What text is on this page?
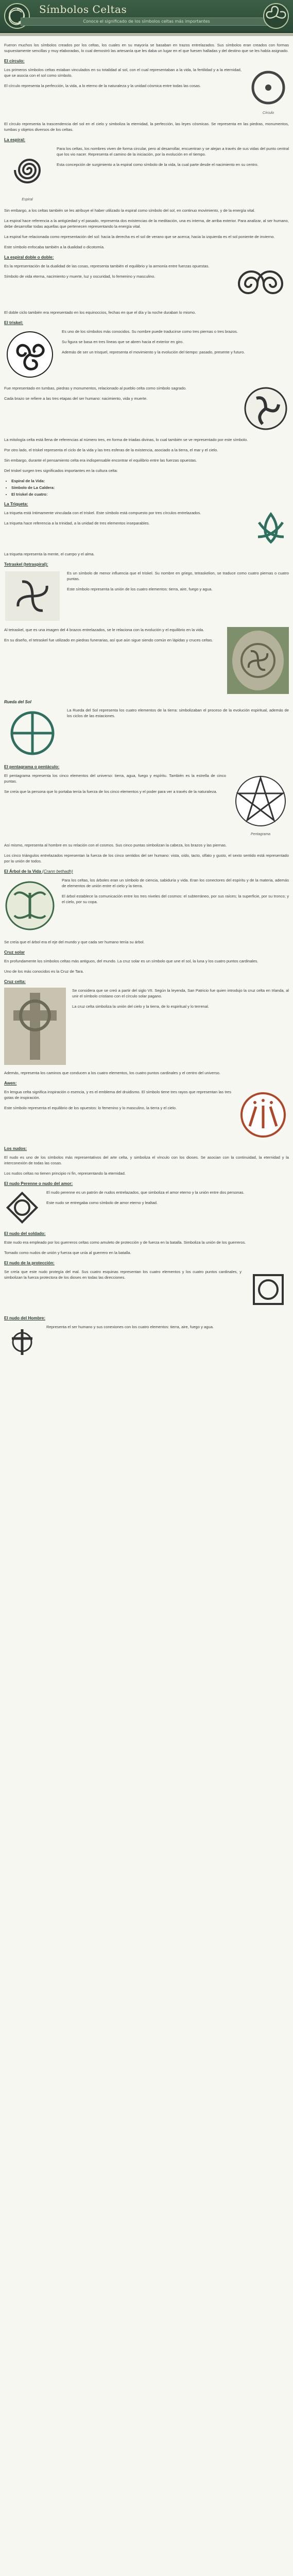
Símbolos Celtas
Conoce el significado de los símbolos celtas más importantes

Fueron muchos los símbolos creados por los celtas, los cuales en su mayoría se basaban en trazos entrelazados. Sus símbolos eran creados con formas supuestamente sencillas y muy elaboradas, lo cual demostró las artesanía que les daba un lugar en el que fuesen halladas y del destino que se les había asignado.

El círculo:

Los primeros símbolos celtas estaban vinculados en su totalidad al sol, con el cual representaban a la vida, la fertilidad y a la eternidad, que se asocia con el sol como símbolo.

El círculo representa la perfección, la vida, a lo eterno de la naturaleza y la unidad cósmica entre todas las cosas.

Círculo

El círculo representa la trascendencia del sol en el cielo y simboliza la eternidad, la perfección, las leyes cósmicas. Se representa en las piedras, monumentos, tumbas y objetos diversos de los celtas.

La espiral:
Espiral

Para los celtas, los nombres viven de forma circular, pero al desarrollar, encuentran y se alejan a través de sus vidas del punto central que los vio nacer. Representa el camino de la iniciación, por la evolución en el tiempo.

Esta concepción de surgimiento a la espiral como símbolo de la vida, la cual parte desde el nacimiento en su centro.

Sin embargo, a los celtas también se les atribuye el haber utilizado la espiral como símbolo del sol, en continuo movimiento, y de la energía vital.

La espiral hace referencia a la antigüedad y el pasado, representa dos existencias de la meditación, una es interna, de arriba exterior. Para analizar, al ser humano, debe desarrollar todas aquellas que pertenecen representando la energía vital.

La espiral fue relacionada como representación del sol: hacia la derecha es el sol de verano que se acerca; hacia la izquierda es el sol poniente de invierno.

Este símbolo enfocaba también a la dualidad o dicotomía.

La espiral doble o doble:

Es la representación de la dualidad de las cosas, representa también el equilibrio y la armonía entre fuerzas opuestas.

Símbolo de vida eterna, nacimiento y muerte, luz y oscuridad, lo femenino y masculino.

El doble ciclo también era representado en los equinoccios, fechas en que el día y la noche duraban lo mismo.

El triskel:

Es uno de los símbolos más conocidos. Su nombre puede traducirse como tres piernas o tres brazos.

Su figura se basa en tres líneas que se abren hacia el exterior en giro.

Además de ser un trisquel, representa el movimiento y la evolución del tiempo: pasado, presente y futuro.

Fue representado en tumbas, piedras y monumentos, relacionado al pueblo celta como símbolo sagrado.

Cada brazo se refiere a las tres etapas del ser humano: nacimiento, vida y muerte.

La mitología celta está llena de referencias al número tres, en forma de triadas divinas, lo cual también se ve representado por este símbolo.

Por otro lado, el triskel representa el ciclo de la vida y las tres esferas de la existencia, asociado a la tierra, el mar y el cielo.

Sin embargo, durante el pensamiento celta era indispensable encontrar el equilibrio entre las fuerzas opuestas.

Del triskel surgen tres significados importantes en la cultura celta:

• Espiral de la Vida:
• Símbolo de La Caldera:
• El triskel de cuatro:
La Triqueta:

La triqueta está íntimamente vinculada con el triskel. Este símbolo está compuesto por tres círculos entrelazados.

La triqueta hace referencia a la trinidad, a la unidad de tres elementos inseparables.

La triqueta representa la mente, el cuerpo y el alma.

Tetraskel (tetraspiral):

Es un símbolo de menor influencia que el triskel. Su nombre en griego, tetraskelion, se traduce como cuatro piernas o cuatro puntas.

Este símbolo representa la unión de los cuatro elementos: tierra, aire, fuego y agua.

Al tetraskel, que es una imagen del 4 brazos entrelazados, se le relaciona con la evolución y el equilibrio en la vida.

En su diseño, el tetraskel fue utilizado en piedras funerarias, así que aún sigue siendo común en lápidas y cruces celtas.

Rueda del Sol

La Rueda del Sol representa los cuatro elementos de la tierra: simbolizaban el proceso de la evolución espiritual, además de los ciclos de las estaciones.

El pentagrama o pentáculo:

El pentagrama representa los cinco elementos del universo: tierra, agua, fuego y espíritu. También es la estrella de cinco puntas.

Se creía que la persona que lo portaba tenía la fuerza de los cinco elementos y el poder para ver a través de la naturaleza.

Pentagrama

Así mismo, representa al hombre en su relación con el cosmos. Sus cinco puntas simbolizan la cabeza, los brazos y las piernas.

Los cinco triángulos entrelazados representan la fuerza de los cinco sentidos del ser humano: vista, oído, tacto, olfato y gusto, el sexto sentido está representado por la unión de todos.

El Árbol de la Vida (Crann bethadh)

Para los celtas, los árboles eran un símbolo de ciencia, sabiduría y vida. Eran los conectores del espíritu y de la materia, además de elementos de unión entre el cielo y la tierra.

El árbol establece la comunicación entre los tres niveles del cosmos: el subterráneo, por sus raíces; la superficie, por su tronco; y el cielo, por su copa.

Se creía que el árbol era el eje del mundo y que cada ser humano tenía su árbol.

Cruz solar

En profundamente los símbolos celtas más antiguos, del mundo. La cruz solar es un símbolo que une el sol, la luna y los cuatro puntos cardinales.

Uno de los más conocidos es la Cruz de Tara.

Cruz celta:

Se considera que se creó a partir del siglo VII. Según la leyenda, San Patricio fue quien introdujo la cruz celta en Irlanda, al unir el símbolo cristiano con el círculo solar pagano.

La cruz celta simboliza la unión del cielo y la tierra, de lo espiritual y lo terrenal.

Además, representa los caminos que conducen a los cuatro elementos, los cuatro puntos cardinales y el centro del universo.

Awen:

En lengua celta significa inspiración o esencia, y es el emblema del druidismo. El símbolo tiene tres rayos que representan las tres gotas de inspiración.

Este símbolo representa el equilibrio de los opuestos: lo femenino y lo masculino, la tierra y el cielo.

Los nudos:

El nudo es uno de los símbolos más representativos del arte celta, y simboliza el vínculo con los dioses. Se asocian con la continuidad, la eternidad y la interconexión de todas las cosas.

Los nudos celtas no tienen principio ni fin, representando la eternidad.

El nudo Perenne o nudo del amor:

El nudo perenne es un patrón de nudos entrelazados, que simboliza el amor eterno y la unión entre dos personas.

Este nudo se entregaba como símbolo de amor eterno y lealtad.

El nudo del soldado:

Este nudo era empleado por los guerreros celtas como amuleto de protección y de fuerza en la batalla. Simboliza la unión de los guerreros.

Tomado como nudos de unión y fuerza que unía al guerrero en la batalla.

El nudo de la protección:

Se creía que este nudo protegía del mal. Sus cuatro esquinas representan los cuatro elementos y los cuatro puntos cardinales, y simbolizan la fuerza protectora de los dioses en todas las direcciones.

El nudo del Hombre:

Representa el ser humano y sus conexiones con los cuatro elementos: tierra, aire, fuego y agua.
